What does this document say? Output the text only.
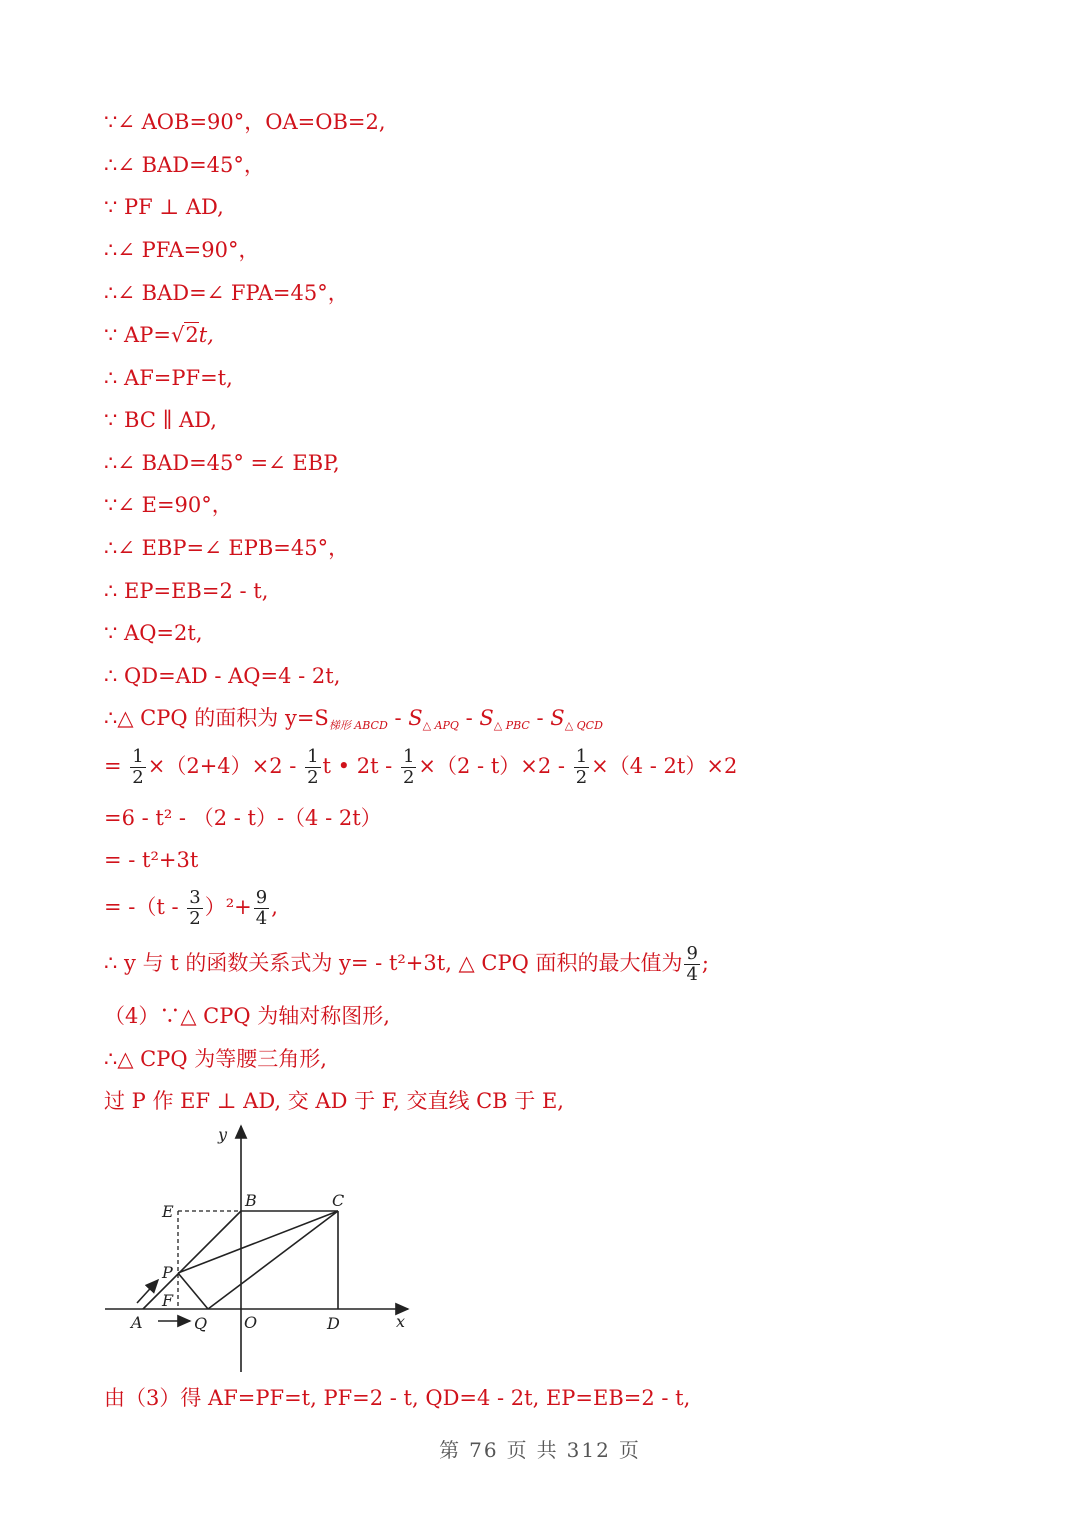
∵∠ AOB=90°，OA=OB=2,
∴∠ BAD=45°，
∵ PF ⊥ AD,
∴∠ PFA=90°，
∴∠ BAD=∠ FPA=45°，
∴ AF=PF=t,
∵ BC ∥ AD,
∴∠ BAD=45° =∠ EBP,
∵∠ E=90°，
∴∠ EBP=∠ EPB=45°，
∴ EP=EB=2 - t,
∵ AQ=2t,
∴ QD=AD - AQ=4 - 2t,
=6 - t² - （2 - t）-（4 - 2t）
= - t²+3t
（4）∵△ CPQ 为轴对称图形,
∴△ CPQ 为等腰三角形,
过 P 作 EF ⊥ AD, 交 AD 于 F, 交直线 CB 于 E,
由（3）得 AF=PF=t, PF=2 - t, QD=4 - 2t, EP=EB=2 - t,
∵ AP=√2t,
∴△ CPQ 的面积为 y=S梯形 ABCD - S△ APQ - S△ PBC - S△ QCD
= $\frac{1}{2} \times(2+4)\times 2 - \frac{1}{2}$ t • $2t - \frac{1}{2} \times(2 - t)\times 2 - \frac{1}{2} \times(4 - 2t)\times 2$
= $-(t - \frac{3}{2} )^2+ \frac{9}{4}$ ,
∴ y 与 t 的函数关系式为 y= - t²+3t, △ CPQ 面积的最大值为 $\frac{9}{4}$ ;
y
x
B	C
E
P
F
A	Q O	D
第 76 页 共 312 页
